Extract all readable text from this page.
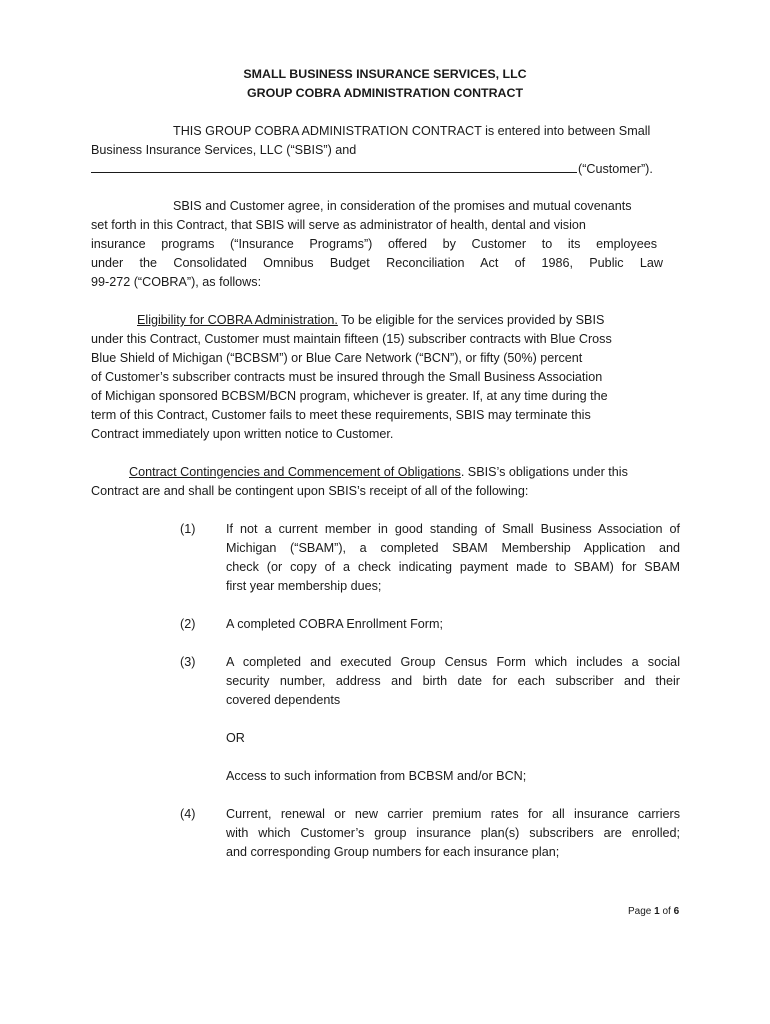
SMALL BUSINESS INSURANCE SERVICES, LLC
GROUP COBRA ADMINISTRATION CONTRACT
THIS GROUP COBRA ADMINISTRATION CONTRACT is entered into between Small
Business Insurance Services, LLC (“SBIS”) and
(“Customer”).
SBIS and Customer agree, in consideration of the promises and mutual covenants
set forth in this Contract, that SBIS will serve as administrator of health, dental and vision
insurance programs (“Insurance Programs”) offered by Customer to its employees
under the Consolidated Omnibus Budget Reconciliation Act of 1986, Public Law
99-272 (“COBRA”), as follows:
Eligibility for COBRA Administration. To be eligible for the services provided by SBIS
under this Contract, Customer must maintain fifteen (15) subscriber contracts with Blue Cross
Blue Shield of Michigan (“BCBSM”) or Blue Care Network (“BCN”), or fifty (50%) percent
of Customer’s subscriber contracts must be insured through the Small Business Association
of Michigan sponsored BCBSM/BCN program, whichever is greater. If, at any time during the
term of this Contract, Customer fails to meet these requirements, SBIS may terminate this
Contract immediately upon written notice to Customer.
Contract Contingencies and Commencement of Obligations. SBIS’s obligations under this
Contract are and shall be contingent upon SBIS’s receipt of all of the following:
(1)	If not a current member in good standing of Small Business Association of
Michigan (“SBAM”), a completed SBAM Membership Application and
check (or copy of a check indicating payment made to SBAM) for SBAM
first year membership dues;
(2)	A completed COBRA Enrollment Form;
(3)	A completed and executed Group Census Form which includes a social
security number, address and birth date for each subscriber and their
covered dependents
OR
Access to such information from BCBSM and/or BCN;
(4)	Current, renewal or new carrier premium rates for all insurance carriers
with which Customer’s group insurance plan(s) subscribers are enrolled;
and corresponding Group numbers for each insurance plan;
Page 1 of 6
